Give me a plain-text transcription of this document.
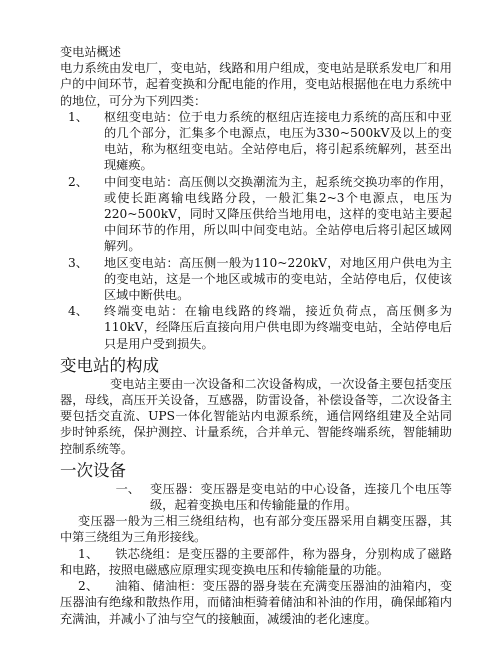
变电站概述

电力系统由发电厂，变电站，线路和用户组成，变电站是联系发电厂和用户的中间环节，起着变换和分配电能的作用，变电站根据他在电力系统中的地位，可分为下列四类：

1、	枢纽变电站：位于电力系统的枢纽店连接电力系统的高压和中亚的几个部分，汇集多个电源点，电压为330~500kV及以上的变电站，称为枢纽变电站。全站停电后，将引起系统解列，甚至出现瘫痪。
2、	中间变电站：高压侧以交换潮流为主，起系统交换功率的作用，或使长距离输电线路分段，一般汇集2~3个电源点，电压为220~500kV，同时又降压供给当地用电，这样的变电站主要起中间环节的作用，所以叫中间变电站。全站停电后将引起区域网解列。
3、	地区变电站：高压侧一般为110~220kV，对地区用户供电为主的变电站，这是一个地区或城市的变电站，全站停电后，仅使该区域中断供电。
4、	终端变电站：在输电线路的终端，接近负荷点，高压侧多为110kV，经降压后直接向用户供电即为终端变电站，全站停电后只是用户受到损失。
变电站的构成

变电站主要由一次设备和二次设备构成，一次设备主要包括变压器，母线，高压开关设备，互感器，防雷设备，补偿设备等，二次设备主要包括交直流、UPS一体化智能站内电源系统，通信网络组建及全站同步时钟系统，保护测控、计量系统，合并单元、智能终端系统，智能辅助控制系统等。

一次设备
一、 变压器：变压器是变电站的中心设备，连接几个电压等级，起着变换电压和传输能量的作用。

变压器一般为三相三绕组结构，也有部分变压器采用自耦变压器，其中第三绕组为三角形接线。

1、 铁芯绕组：是变压器的主要部件，称为器身，分别构成了磁路和电路，按照电磁感应原理实现变换电压和传输能量的功能。

2、 油箱、储油柜：变压器的器身装在充满变压器油的油箱内，变压器油有绝缘和散热作用，而储油柜骑着储油和补油的作用，确保邮箱内充满油，并减小了油与空气的接触面，减缓油的老化速度。
